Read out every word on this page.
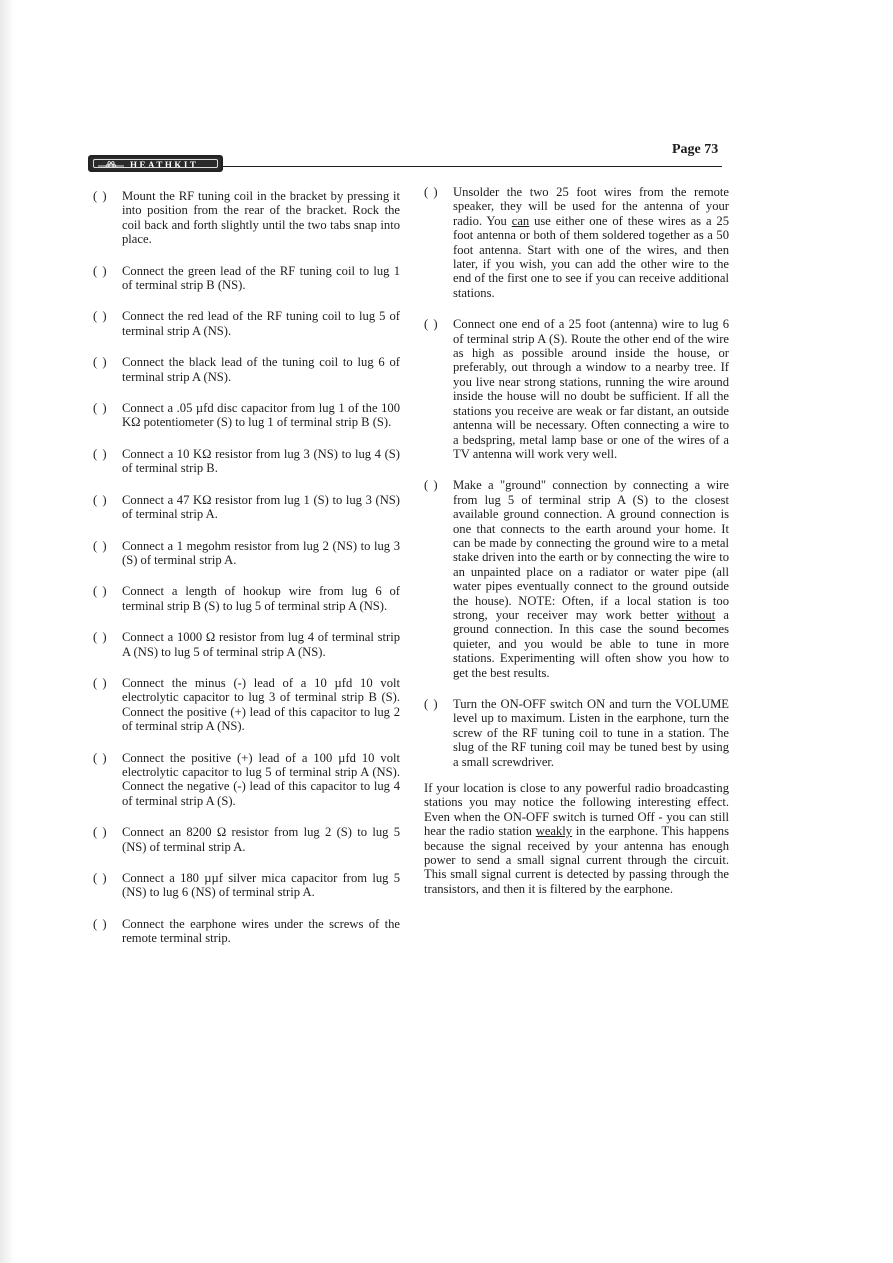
Page 73
HEATHKIT
( ) Mount the RF tuning coil in the bracket by pressing it into position from the rear of the bracket. Rock the coil back and forth slightly until the two tabs snap into place.
( ) Connect the green lead of the RF tuning coil to lug 1 of terminal strip B (NS).
( ) Connect the red lead of the RF tuning coil to lug 5 of terminal strip A (NS).
( ) Connect the black lead of the tuning coil to lug 6 of terminal strip A (NS).
( ) Connect a .05 µfd disc capacitor from lug 1 of the 100 KΩ potentiometer (S) to lug 1 of terminal strip B (S).
( ) Connect a 10 KΩ resistor from lug 3 (NS) to lug 4 (S) of terminal strip B.
( ) Connect a 47 KΩ resistor from lug 1 (S) to lug 3 (NS) of terminal strip A.
( ) Connect a 1 megohm resistor from lug 2 (NS) to lug 3 (S) of terminal strip A.
( ) Connect a length of hookup wire from lug 6 of terminal strip B (S) to lug 5 of terminal strip A (NS).
( ) Connect a 1000 Ω resistor from lug 4 of terminal strip A (NS) to lug 5 of terminal strip A (NS).
( ) Connect the minus (-) lead of a 10 µfd 10 volt electrolytic capacitor to lug 3 of terminal strip B (S). Connect the positive (+) lead of this capacitor to lug 2 of terminal strip A (NS).
( ) Connect the positive (+) lead of a 100 µfd 10 volt electrolytic capacitor to lug 5 of terminal strip A (NS). Connect the negative (-) lead of this capacitor to lug 4 of terminal strip A (S).
( ) Connect an 8200 Ω resistor from lug 2 (S) to lug 5 (NS) of terminal strip A.
( ) Connect a 180 µµf silver mica capacitor from lug 5 (NS) to lug 6 (NS) of terminal strip A.
( ) Connect the earphone wires under the screws of the remote terminal strip.
( ) Unsolder the two 25 foot wires from the remote speaker, they will be used for the antenna of your radio. You can use either one of these wires as a 25 foot antenna or both of them soldered together as a 50 foot antenna. Start with one of the wires, and then later, if you wish, you can add the other wire to the end of the first one to see if you can receive additional stations.
( ) Connect one end of a 25 foot (antenna) wire to lug 6 of terminal strip A (S). Route the other end of the wire as high as possible around inside the house, or preferably, out through a window to a nearby tree. If you live near strong stations, running the wire around inside the house will no doubt be sufficient. If all the stations you receive are weak or far distant, an outside antenna will be necessary. Often connecting a wire to a bedspring, metal lamp base or one of the wires of a TV antenna will work very well.
( ) Make a "ground" connection by connecting a wire from lug 5 of terminal strip A (S) to the closest available ground connection. A ground connection is one that connects to the earth around your home. It can be made by connecting the ground wire to a metal stake driven into the earth or by connecting the wire to an unpainted place on a radiator or water pipe (all water pipes eventually connect to the ground outside the house). NOTE: Often, if a local station is too strong, your receiver may work better without a ground connection. In this case the sound becomes quieter, and you would be able to tune in more stations. Experimenting will often show you how to get the best results.
( ) Turn the ON-OFF switch ON and turn the VOLUME level up to maximum. Listen in the earphone, turn the screw of the RF tuning coil to tune in a station. The slug of the RF tuning coil may be tuned best by using a small screwdriver.
If your location is close to any powerful radio broadcasting stations you may notice the following interesting effect. Even when the ON-OFF switch is turned Off - you can still hear the radio station weakly in the earphone. This happens because the signal received by your antenna has enough power to send a small signal current through the circuit. This small signal current is detected by passing through the transistors, and then it is filtered by the earphone.
